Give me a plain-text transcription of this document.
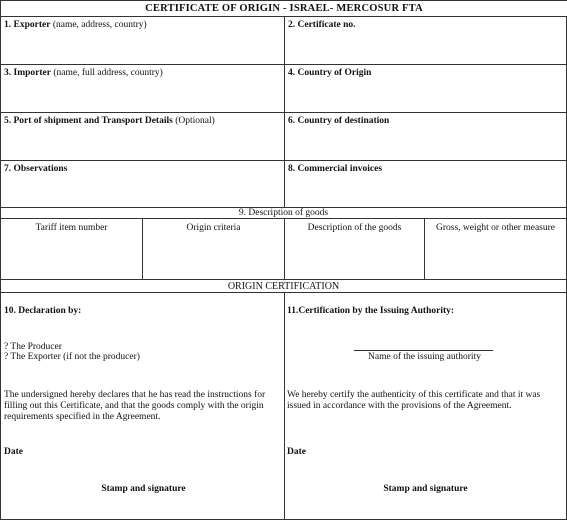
CERTIFICATE OF ORIGIN - ISRAEL- MERCOSUR FTA
1. Exporter (name, address, country)	2. Certificate no.
3. Importer (name, full address, country)	4. Country of Origin
5. Port of shipment and Transport Details (Optional)	6. Country of destination
7. Observations	8. Commercial invoices
9. Description of goods
Tariff item number	Origin criteria	Description of the goods	Gross, weight or other measure
ORIGIN CERTIFICATION
10. Declaration by:
? The Producer
? The Exporter (if not the producer)
The undersigned hereby declares that he has read the instructions for
filling out this Certificate, and that the goods comply with the origin
requirements specified in the Agreement.
Date
Stamp and signature
11.Certification by the Issuing Authority:
Name of the issuing authority
We hereby certify the authenticity of this certificate and that it was
issued in accordance with the provisions of the Agreement.
Date
Stamp and signature
